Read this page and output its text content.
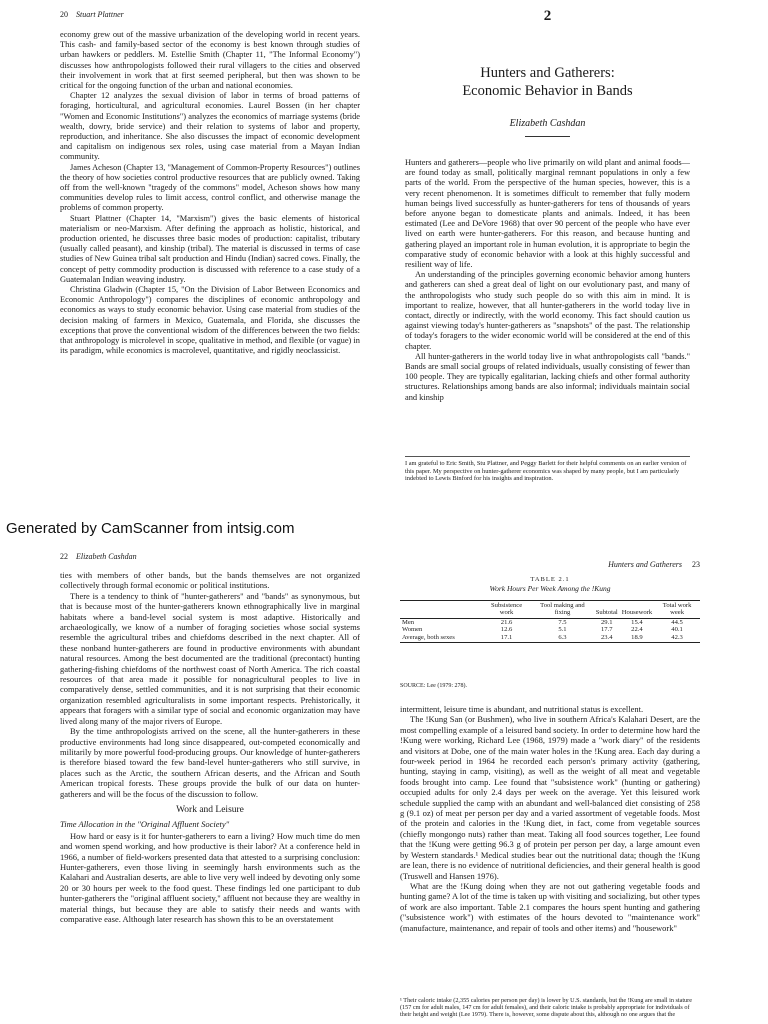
20 Stuart Plattner

economy grew out of the massive urbanization of the developing world in recent years. This cash- and family-based sector of the economy is best known through studies of urban hawkers or peddlers. M. Estellie Smith (Chapter 11, "The Informal Economy") discusses how anthropologists followed their rural villagers to the cities and observed their involvement in work that at first seemed peripheral, but then was shown to be critical for the ongoing function of the urban and national economies.

Chapter 12 analyzes the sexual division of labor in terms of broad patterns of foraging, horticultural, and agricultural economies. Laurel Bossen (in her chapter "Women and Economic Institutions") analyzes the economics of marriage systems (bride wealth, dowry, bride service) and their relation to systems of labor and property, reproduction, and inheritance. She also discusses the impact of economic development and capitalism on indigenous sex roles, using case material from a Mayan Indian community.

James Acheson (Chapter 13, "Management of Common-Property Resources") outlines the theory of how societies control productive resources that are publicly owned. Taking off from the well-known "tragedy of the commons" model, Acheson shows how many communities develop rules to limit access, control conflict, and otherwise manage the problems of common property.

Stuart Plattner (Chapter 14, "Marxism") gives the basic elements of historical materialism or neo-Marxism. After defining the approach as holistic, historical, and production oriented, he discusses three basic modes of production: capitalist, tributary (usually called peasant), and kinship (tribal). The material is discussed in terms of case studies of New Guinea tribal salt production and Hindu (Indian) sacred cows. Finally, the concept of petty commodity production is discussed with reference to a case study of a Guatemalan Indian weaving industry.

Christina Gladwin (Chapter 15, "On the Division of Labor Between Economics and Economic Anthropology") compares the disciplines of economic anthropology and economics as ways to study economic behavior. Using case material from studies of the decision making of farmers in Mexico, Guatemala, and Florida, she discusses the exceptions that prove the conventional wisdom of the differences between the two fields: that anthropology is microlevel in scope, qualitative in method, and flexible (or vague) in its paradigm, while economics is macrolevel, quantitative, and rigidly neoclassicist.

2
Hunters and Gatherers:
Economic Behavior in Bands
Elizabeth Cashdan

Hunters and gatherers—people who live primarily on wild plant and animal foods—are found today as small, politically marginal remnant populations in only a few parts of the world. From the perspective of the human species, however, this is a very recent phenomenon. It is sometimes difficult to remember that fully modern human beings lived successfully as hunter-gatherers for tens of thousands of years before anyone began to domesticate plants and animals. Indeed, it has been estimated (Lee and DeVore 1968) that over 90 percent of the people who have ever lived on earth were hunter-gatherers. For this reason, and because hunting and gathering played an important role in human evolution, it is appropriate to begin the comparative study of economic behavior with a look at this highly successful and resilient way of life.

An understanding of the principles governing economic behavior among hunters and gatherers can shed a great deal of light on our evolutionary past, and many of the anthropologists who study such people do so with this aim in mind. It is important to realize, however, that all hunter-gatherers in the world today live in contact, directly or indirectly, with the world economy. This fact should caution us against viewing today's hunter-gatherers as "snapshots" of the past. The relationship of today's foragers to the wider economic world will be considered at the end of this chapter.

All hunter-gatherers in the world today live in what anthropologists call "bands." Bands are small social groups of related individuals, usually consisting of fewer than 100 people. They are typically egalitarian, lacking chiefs and other formal authority structures. Relationships among bands are also informal; individuals maintain social and kinship

I am grateful to Eric Smith, Stu Plattner, and Peggy Barlett for their helpful comments on an earlier version of this paper. My perspective on hunter-gatherer economics was shaped by many people, but I am particularly indebted to Lewis Binford for his insights and inspiration.
Generated by CamScanner from intsig.com
22 Elizabeth Cashdan

ties with members of other bands, but the bands themselves are not organized collectively through formal economic or political institutions.

There is a tendency to think of "hunter-gatherers" and "bands" as synonymous, but that is because most of the hunter-gatherers known ethnographically live in marginal habitats where a band-level social system is most adaptive. Historically and archaeologically, we know of a number of foraging societies whose social systems resemble the agricultural tribes and chiefdoms described in the next chapter. All of these nonband hunter-gatherers are found in productive environments with abundant natural resources. Among the best documented are the traditional (precontact) hunting gathering-fishing chiefdoms of the northwest coast of North America. The rich coastal resources of that area made it possible for nonagricultural peoples to live in comparatively dense, settled communities, and it is not surprising that their economic organization resembled agriculturalists in some important respects. Prehistorically, it appears that foragers with a similar type of social and economic organization may have lived along many of the major rivers of Europe.

By the time anthropologists arrived on the scene, all the hunter-gatherers in these productive environments had long since disappeared, out-competed economically and militarily by more powerful food-producing groups. Our knowledge of hunter-gatherers is therefore biased toward the few band-level hunter-gatherers who still survive, in places such as the Arctic, the southern African deserts, and the African and South American tropical forests. These groups provide the bulk of our data on hunter-gatherers and will be the focus of the discussion to follow.

Work and Leisure

Time Allocation in the "Original Affluent Society"

How hard or easy is it for hunter-gatherers to earn a living? How much time do men and women spend working, and how productive is their labor? At a conference held in 1966, a number of field-workers presented data that attested to a surprising conclusion: Hunter-gatherers, even those living in seemingly harsh environments such as the Kalahari and Australian deserts, are able to live very well indeed by devoting only some 20 or 30 hours per week to the food quest. These findings led one participant to dub hunter-gatherers the "original affluent society," affluent not because they are wealthy in material things, but because they are able to satisfy their needs and wants with comparative ease. Although later research has shown this to be an overstatement

Hunters and Gatherers 23
TABLE 2.1
Work Hours Per Week Among the !Kung
	Subsistence work	Tool making and fixing	Subtotal	Housework	Total work week
Men	21.6	7.5	29.1	15.4	44.5
Women	12.6	5.1	17.7	22.4	40.1
Average, both sexes	17.1	6.3	23.4	18.9	42.3
SOURCE: Lee (1979: 278).

intermittent, leisure time is abundant, and nutritional status is excellent.

The !Kung San (or Bushmen), who live in southern Africa's Kalahari Desert, are the most compelling example of a leisured band society. In order to determine how hard the !Kung were working, Richard Lee (1968, 1979) made a "work diary" of the residents and visitors at Dobe, one of the main water holes in the !Kung area. Each day during a four-week period in 1964 he recorded each person's primary activity (gathering, hunting, staying in camp, visiting), as well as the weight of all meat and vegetable foods brought into camp. Lee found that "subsistence work" (hunting or gathering) occupied adults for only 2.4 days per week on the average. Yet this leisured work schedule supplied the camp with an abundant and well-balanced diet consisting of 258 g (9.1 oz) of meat per person per day and a varied assortment of vegetable foods. Most of the protein and calories in the !Kung diet, in fact, come from vegetable sources (chiefly mongongo nuts) rather than meat. Taking all food sources together, Lee found that the !Kung were getting 96.3 g of protein per person per day, a large amount even by Western standards.¹ Medical studies bear out the nutritional data; though the !Kung are lean, there is no evidence of nutritional deficiencies, and their general health is good (Truswell and Hansen 1976).

What are the !Kung doing when they are not out gathering vegetable foods and hunting game? A lot of the time is taken up with visiting and socializing, but other types of work are also important. Table 2.1 compares the hours spent hunting and gathering ("subsistence work") with estimates of the hours devoted to "maintenance work" (manufacture, maintenance, and repair of tools and other items) and "housework"

¹ Their caloric intake (2,355 calories per person per day) is lower by U.S. standards, but the !Kung are small in stature (157 cm for adult males, 147 cm for adult females), and their caloric intake is probably appropriate for individuals of their height and weight (Lee 1979). There is, however, some dispute about this, although no one argues that the
